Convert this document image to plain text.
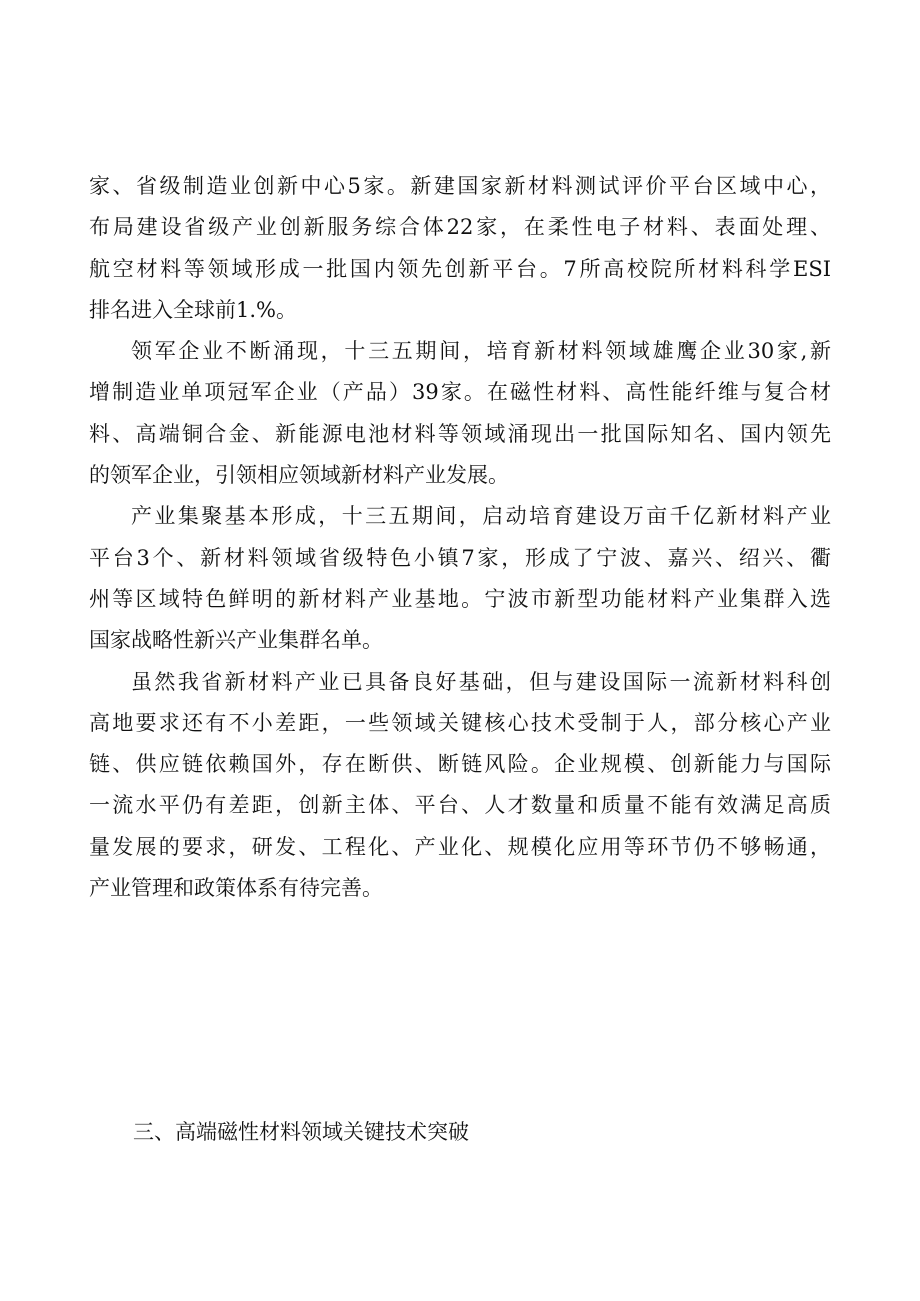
家、省级制造业创新中心5家。新建国家新材料测试评价平台区域中心，
布局建设省级产业创新服务综合体22家，在柔性电子材料、表面处理、
航空材料等领域形成一批国内领先创新平台。7所高校院所材料科学ESI
排名进入全球前1.%。
领军企业不断涌现，十三五期间，培育新材料领域雄鹰企业30家,新
增制造业单项冠军企业（产品）39家。在磁性材料、高性能纤维与复合材
料、高端铜合金、新能源电池材料等领域涌现出一批国际知名、国内领先
的领军企业，引领相应领域新材料产业发展。
产业集聚基本形成，十三五期间，启动培育建设万亩千亿新材料产业
平台3个、新材料领域省级特色小镇7家，形成了宁波、嘉兴、绍兴、衢
州等区域特色鲜明的新材料产业基地。宁波市新型功能材料产业集群入选
国家战略性新兴产业集群名单。
虽然我省新材料产业已具备良好基础，但与建设国际一流新材料科创
高地要求还有不小差距，一些领域关键核心技术受制于人，部分核心产业
链、供应链依赖国外，存在断供、断链风险。企业规模、创新能力与国际
一流水平仍有差距，创新主体、平台、人才数量和质量不能有效满足高质
量发展的要求，研发、工程化、产业化、规模化应用等环节仍不够畅通，
产业管理和政策体系有待完善。
三、高端磁性材料领域关键技术突破
